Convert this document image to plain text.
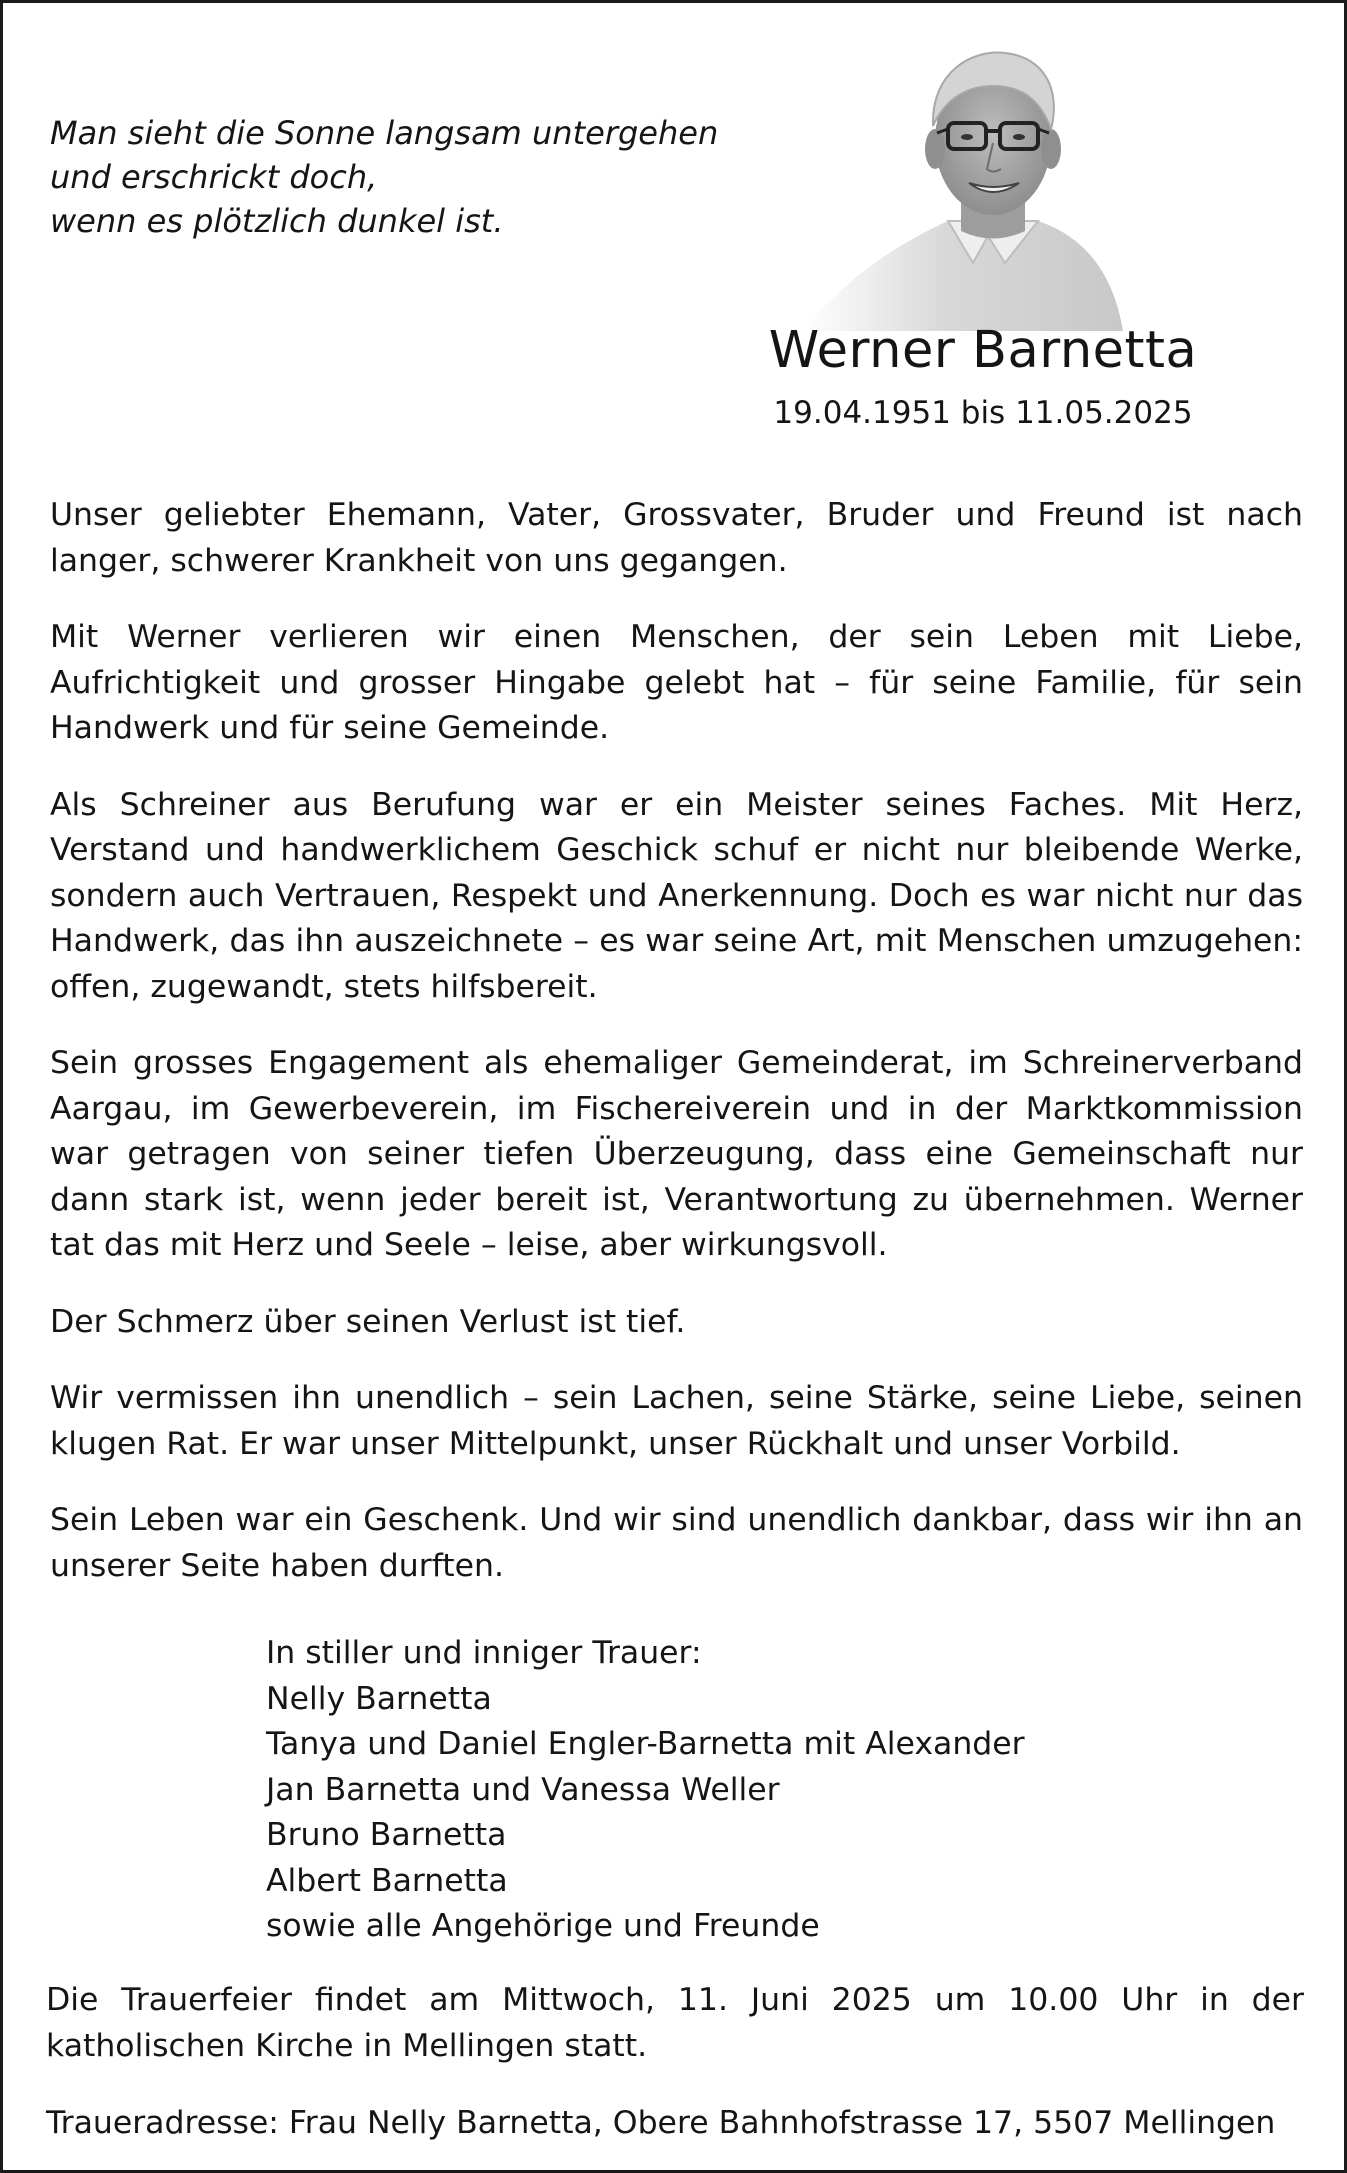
Man sieht die Sonne langsam untergehen
und erschrickt doch,
wenn es plötzlich dunkel ist.
Werner Barnetta
19.04.1951 bis 11.05.2025

Unser geliebter Ehemann, Vater, Grossvater, Bruder und Freund ist nach langer, schwerer Krankheit von uns gegangen.

Mit Werner verlieren wir einen Menschen, der sein Leben mit Liebe, Aufrichtigkeit und grosser Hingabe gelebt hat – für seine Familie, für sein Handwerk und für seine Gemeinde.

Als Schreiner aus Berufung war er ein Meister seines Faches. Mit Herz, Verstand und handwerklichem Geschick schuf er nicht nur bleibende Werke, sondern auch Vertrauen, Respekt und Anerkennung. Doch es war nicht nur das Handwerk, das ihn auszeichnete – es war seine Art, mit Menschen umzugehen: offen, zugewandt, stets hilfsbereit.

Sein grosses Engagement als ehemaliger Gemeinderat, im Schreinerverband Aargau, im Gewerbeverein, im Fischereiverein und in der Marktkommission war getragen von seiner tiefen Überzeugung, dass eine Gemeinschaft nur dann stark ist, wenn jeder bereit ist, Verantwortung zu übernehmen. Werner tat das mit Herz und Seele – leise, aber wirkungsvoll.

Der Schmerz über seinen Verlust ist tief.

Wir vermissen ihn unendlich – sein Lachen, seine Stärke, seine Liebe, seinen klugen Rat. Er war unser Mittelpunkt, unser Rückhalt und unser Vorbild.

Sein Leben war ein Geschenk. Und wir sind unendlich dankbar, dass wir ihn an unserer Seite haben durften.

In stiller und inniger Trauer:
Nelly Barnetta
Tanya und Daniel Engler-Barnetta mit Alexander
Jan Barnetta und Vanessa Weller
Bruno Barnetta
Albert Barnetta
sowie alle Angehörige und Freunde
Die Trauerfeier findet am Mittwoch, 11. Juni 2025 um 10.00 Uhr in der katholischen Kirche in Mellingen statt.
Traueradresse: Frau Nelly Barnetta, Obere Bahnhofstrasse 17, 5507 Mellingen
